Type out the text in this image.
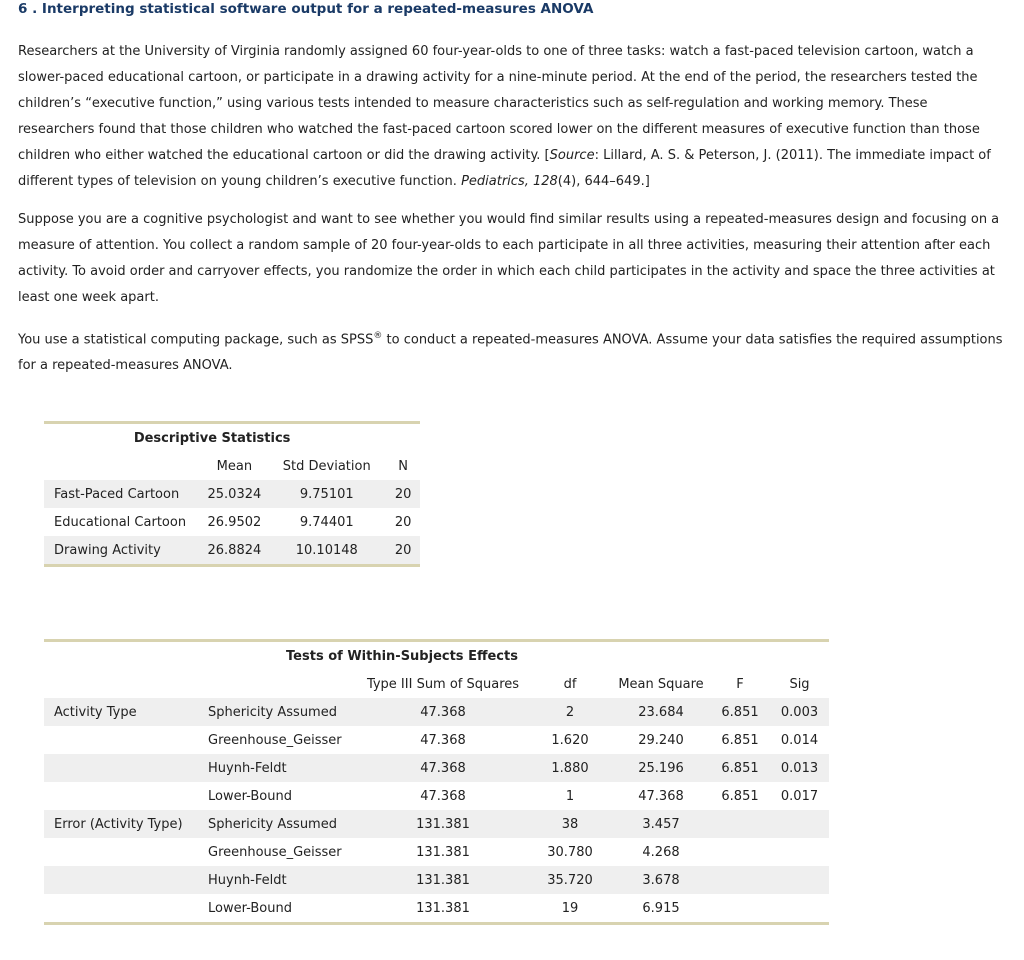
6 . Interpreting statistical software output for a repeated-measures ANOVA

Researchers at the University of Virginia randomly assigned 60 four-year-olds to one of three tasks: watch a fast-paced television cartoon, watch a slower-paced educational cartoon, or participate in a drawing activity for a nine-minute period. At the end of the period, the researchers tested the children’s “executive function,” using various tests intended to measure characteristics such as self-regulation and working memory. These researchers found that those children who watched the fast-paced cartoon scored lower on the different measures of executive function than those children who either watched the educational cartoon or did the drawing activity. [Source: Lillard, A. S. & Peterson, J. (2011). The immediate impact of different types of television on young children’s executive function. Pediatrics, 128(4), 644–649.]

Suppose you are a cognitive psychologist and want to see whether you would find similar results using a repeated-measures design and focusing on a measure of attention. You collect a random sample of 20 four-year-olds to each participate in all three activities, measuring their attention after each activity. To avoid order and carryover effects, you randomize the order in which each child participates in the activity and space the three activities at least one week apart.

You use a statistical computing package, such as SPSS® to conduct a repeated-measures ANOVA. Assume your data satisfies the required assumptions for a repeated-measures ANOVA.

Descriptive Statistics			
	Mean	Std Deviation	N
Fast-Paced Cartoon	25.0324	9.75101	20
Educational Cartoon	26.9502	9.74401	20
Drawing Activity	26.8824	10.10148	20
	Tests of Within-Subjects Effects					
		Type III Sum of Squares	df	Mean Square	F	Sig
Activity Type	Sphericity Assumed	47.368	2	23.684	6.851	0.003
	Greenhouse_Geisser	47.368	1.620	29.240	6.851	0.014
	Huynh-Feldt	47.368	1.880	25.196	6.851	0.013
	Lower-Bound	47.368	1	47.368	6.851	0.017
Error (Activity Type)	Sphericity Assumed	131.381	38	3.457		
	Greenhouse_Geisser	131.381	30.780	4.268		
	Huynh-Feldt	131.381	35.720	3.678		
	Lower-Bound	131.381	19	6.915		
